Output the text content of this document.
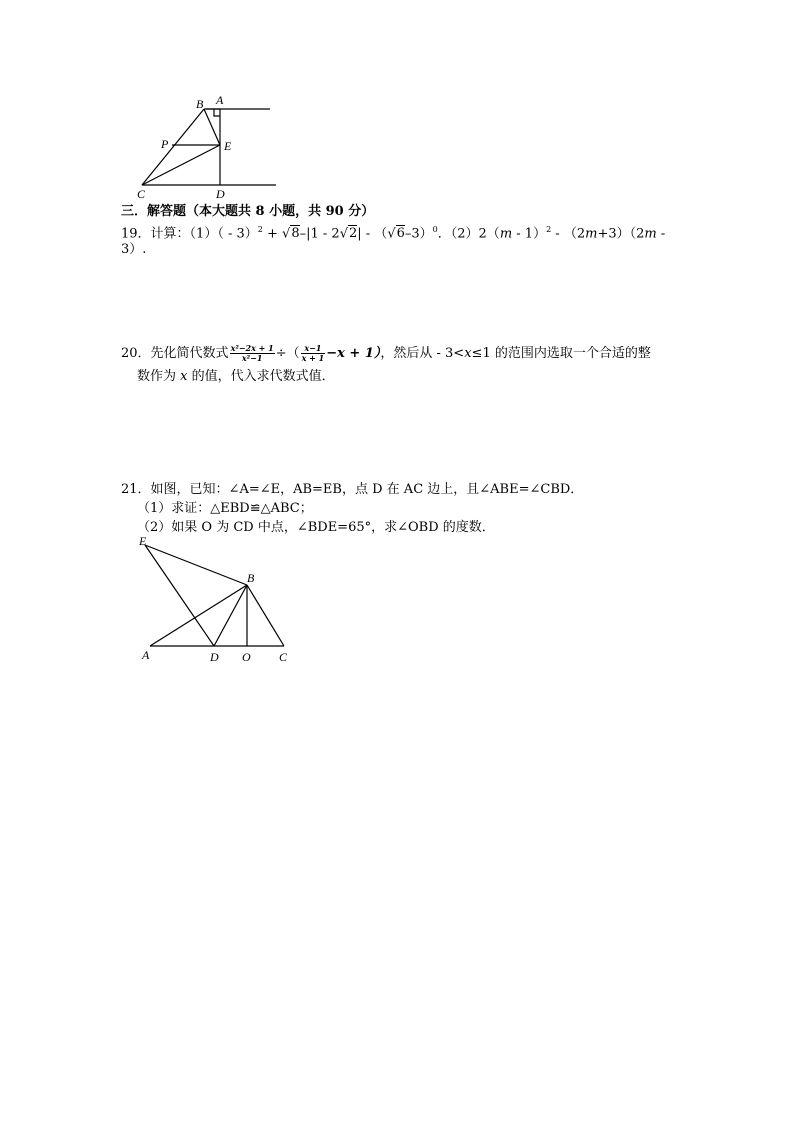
B A
P	E
C	D
三．解答题（本大题共 8 小题，共 90 分）
19．计算：$(1)( - 3)^2 + √8-|1 - 2√2| - (√6-3)^0$．（2）2（m - 1）$^2$ - （2m+3）（2m -
3）.
20．先化简代数式 $\frac{\text{x²−2x + 1}}{\text{x²−1}}$ ÷（ $\frac{x-1}{x + 1} -x + 1$），然后从 - 3<x≤1 的范围内选取一个合适的整
数作为 x 的值，代入求代数式值．
21．如图，已知：∠A=∠E，AB=EB，点 D 在 AC 边上，且∠ABE=∠CBD．
（1）求证：△EBD≌△ABC；
（2）如果 O 为 CD 中点，∠BDE=65°，求∠OBD 的度数．
E
B
A	D O C
